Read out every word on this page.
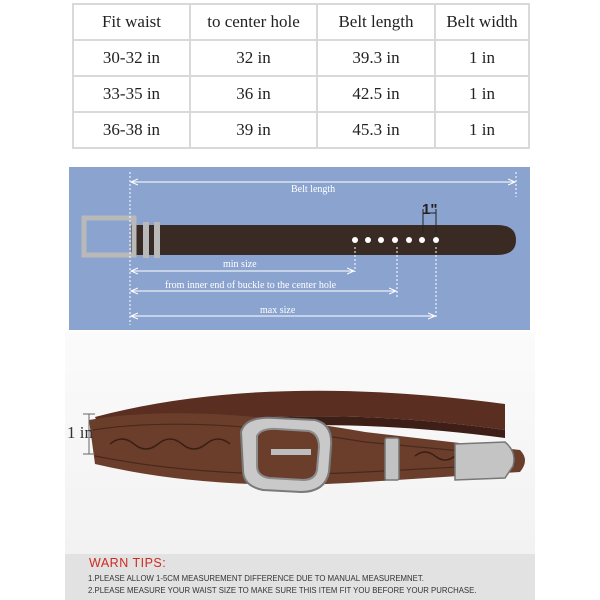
Fit waist	to center hole	Belt length	Belt width
30-32 in	32 in	39.3 in	1 in
33-35 in	36 in	42.5 in	1 in
36-38 in	39 in	45.3 in	1 in
Belt length
1"
min size
from inner end of buckle to the center hole
max size
1 in
WARN TIPS:
1.PLEASE ALLOW 1-5CM MEASUREMENT DIFFERENCE DUE TO MANUAL MEASUREMNET.
2.PLEASE MEASURE YOUR WAIST SIZE TO MAKE SURE THIS ITEM FIT YOU BEFORE YOUR PURCHASE.
